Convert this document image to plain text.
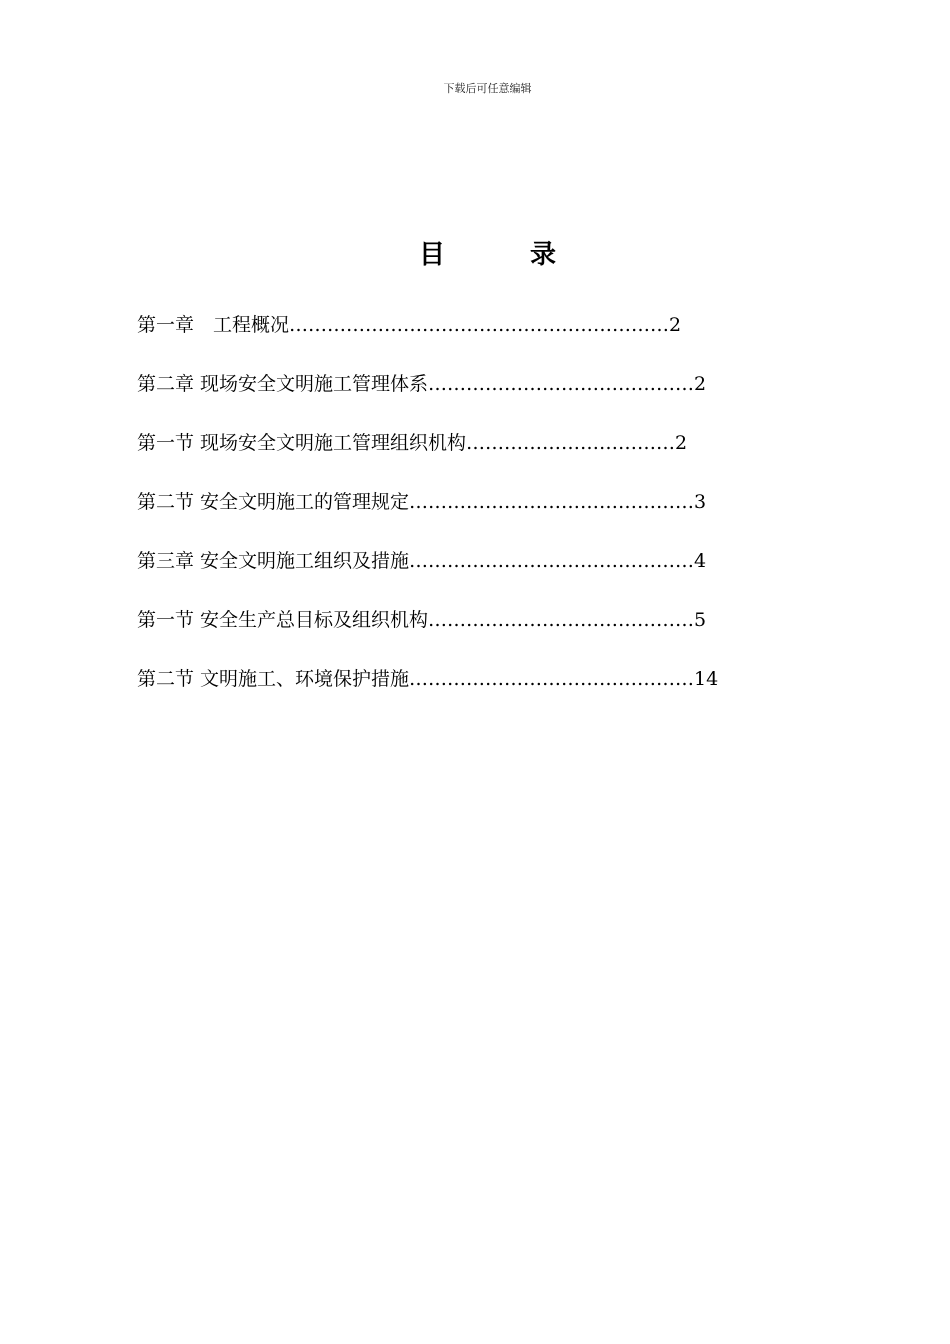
下载后可任意编辑
目 录
第一章　工程概况……………………………………………………2
第二章 现场安全文明施工管理体系……………………………………2
第一节 现场安全文明施工管理组织机构……………………………2
第二节 安全文明施工的管理规定………………………………………3
第三章 安全文明施工组织及措施………………………………………4
第一节 安全生产总目标及组织机构……………………………………5
第二节 文明施工、环境保护措施………………………………………14
